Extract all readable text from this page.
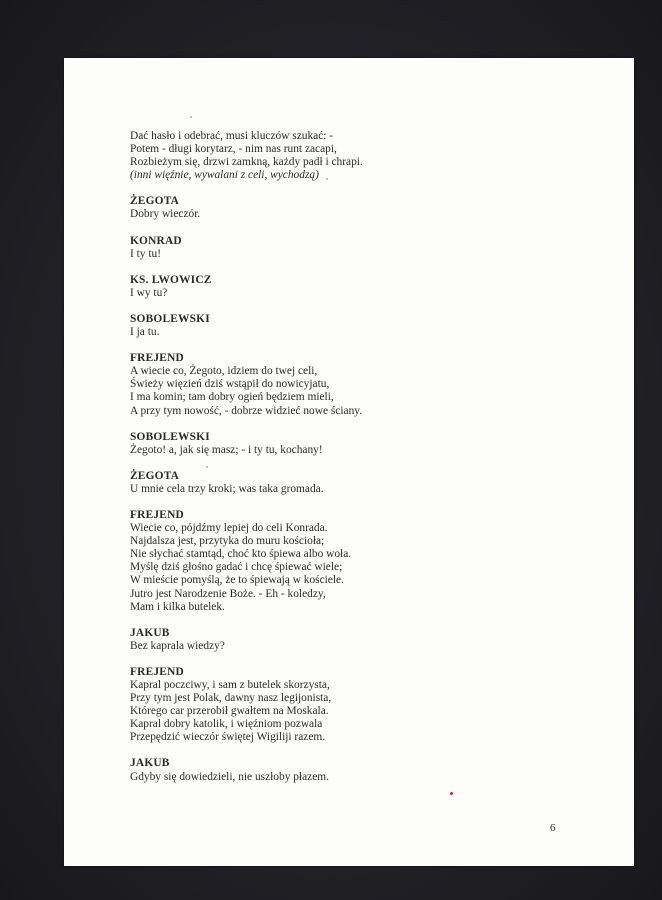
Dać hasło i odebrać, musi kluczów szukać: -
Potem - długi korytarz, - nim nas runt zacapi,
Rozbieżym się, drzwi zamkną, każdy padł i chrapi.
(inni więźnie, wywalani z celi, wychodzą)
ŻEGOTA
Dobry wieczór.
KONRAD
I ty tu!
KS. LWOWICZ
I wy tu?
SOBOLEWSKI
I ja tu.
FREJEND
A wiecie co, Żegoto, idziem do twej celi,
Świeży więzień dziś wstąpił do nowicyjatu,
I ma komin; tam dobry ogień będziem mieli,
A przy tym nowość, - dobrze widzieć nowe ściany.
SOBOLEWSKI
Żegoto! a, jak się masz; - i ty tu, kochany!
ŻEGOTA
U mnie cela trzy kroki; was taka gromada.
FREJEND
Wiecie co, pójdźmy lepiej do celi Konrada.
Najdalsza jest, przytyka do muru kościoła;
Nie słychać stamtąd, choć kto śpiewa albo woła.
Myślę dziś głośno gadać i chcę śpiewać wiele;
W mieście pomyślą, że to śpiewają w kościele.
Jutro jest Narodzenie Boże. - Eh - koledzy,
Mam i kilka butelek.
JAKUB
Bez kaprala wiedzy?
FREJEND
Kapral poczciwy, i sam z butelek skorzysta,
Przy tym jest Polak, dawny nasz legijonista,
Którego car przerobił gwałtem na Moskala.
Kapral dobry katolik, i więźniom pozwala
Przepędzić wieczór świętej Wigiliji razem.
JAKUB
Gdyby się dowiedzieli, nie uszłoby płazem.
6
